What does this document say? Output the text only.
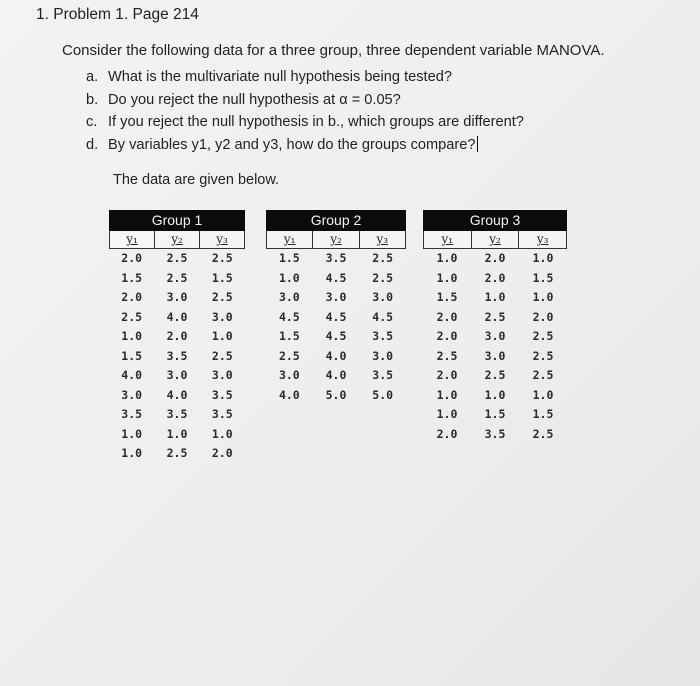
1. Problem 1. Page 214
Consider the following data for a three group, three dependent variable MANOVA.
a. What is the multivariate null hypothesis being tested?
b. Do you reject the null hypothesis at α = 0.05?
c. If you reject the null hypothesis in b., which groups are different?
d. By variables y1, y2 and y3, how do the groups compare?
The data are given below.
Group 1
y₁	y₂	y₃
2.0	2.5	2.5
1.5	2.5	1.5
2.0	3.0	2.5
2.5	4.0	3.0
1.0	2.0	1.0
1.5	3.5	2.5
4.0	3.0	3.0
3.0	4.0	3.5
3.5	3.5	3.5
1.0	1.0	1.0
1.0	2.5	2.0
Group 2
y₁	y₂	y₃
1.5	3.5	2.5
1.0	4.5	2.5
3.0	3.0	3.0
4.5	4.5	4.5
1.5	4.5	3.5
2.5	4.0	3.0
3.0	4.0	3.5
4.0	5.0	5.0
Group 3
y₁	y₂	y₃
1.0	2.0	1.0
1.0	2.0	1.5
1.5	1.0	1.0
2.0	2.5	2.0
2.0	3.0	2.5
2.5	3.0	2.5
2.0	2.5	2.5
1.0	1.0	1.0
1.0	1.5	1.5
2.0	3.5	2.5
